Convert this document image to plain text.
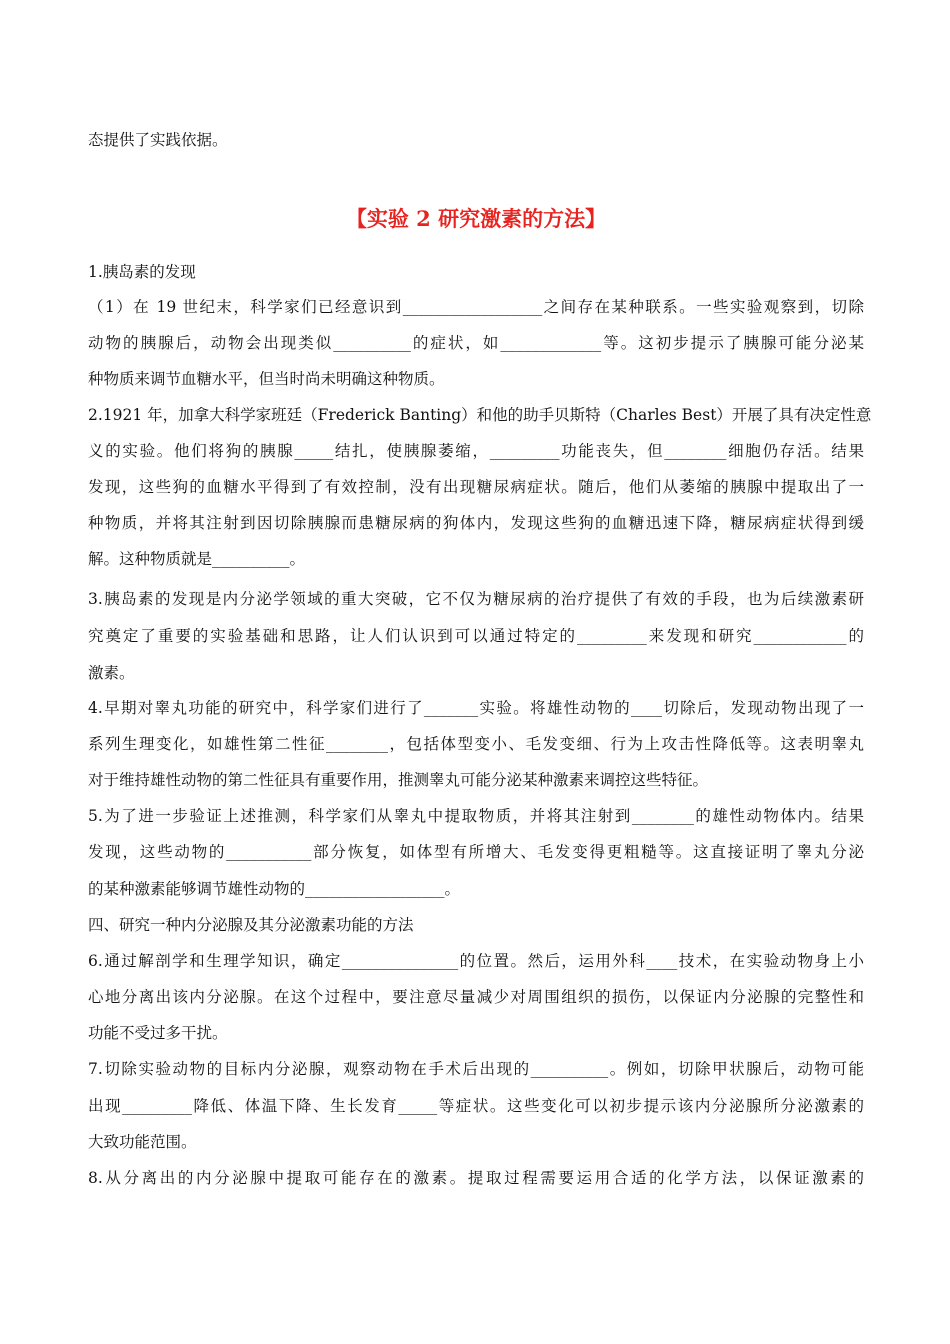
态提供了实践依据。
【实验 2 研究激素的方法】
1.胰岛素的发现
（1）在 19 世纪末，科学家们已经意识到__________________之间存在某种联系。一些实验观察到，切除
动物的胰腺后，动物会出现类似__________的症状，如_____________等。这初步提示了胰腺可能分泌某
种物质来调节血糖水平，但当时尚未明确这种物质。
2.1921 年，加拿大科学家班廷（Frederick Banting）和他的助手贝斯特（Charles Best）开展了具有决定性意
义的实验。他们将狗的胰腺_____结扎，使胰腺萎缩，_________功能丧失，但________细胞仍存活。结果
发现，这些狗的血糖水平得到了有效控制，没有出现糖尿病症状。随后，他们从萎缩的胰腺中提取出了一
种物质，并将其注射到因切除胰腺而患糖尿病的狗体内，发现这些狗的血糖迅速下降，糖尿病症状得到缓
解。这种物质就是__________。
3.胰岛素的发现是内分泌学领域的重大突破，它不仅为糖尿病的治疗提供了有效的手段，也为后续激素研
究奠定了重要的实验基础和思路，让人们认识到可以通过特定的_________来发现和研究____________的
激素。
4.早期对睾丸功能的研究中，科学家们进行了_______实验。将雄性动物的____切除后，发现动物出现了一
系列生理变化，如雄性第二性征________，包括体型变小、毛发变细、行为上攻击性降低等。这表明睾丸
对于维持雄性动物的第二性征具有重要作用，推测睾丸可能分泌某种激素来调控这些特征。
5.为了进一步验证上述推测，科学家们从睾丸中提取物质，并将其注射到________的雄性动物体内。结果
发现，这些动物的___________部分恢复，如体型有所增大、毛发变得更粗糙等。这直接证明了睾丸分泌
的某种激素能够调节雄性动物的__________________。
四、研究一种内分泌腺及其分泌激素功能的方法
6.通过解剖学和生理学知识，确定_______________的位置。然后，运用外科____技术，在实验动物身上小
心地分离出该内分泌腺。在这个过程中，要注意尽量减少对周围组织的损伤，以保证内分泌腺的完整性和
功能不受过多干扰。
7.切除实验动物的目标内分泌腺，观察动物在手术后出现的__________。例如，切除甲状腺后，动物可能
出现_________降低、体温下降、生长发育_____等症状。这些变化可以初步提示该内分泌腺所分泌激素的
大致功能范围。
8.从分离出的内分泌腺中提取可能存在的激素。提取过程需要运用合适的化学方法，以保证激素的
